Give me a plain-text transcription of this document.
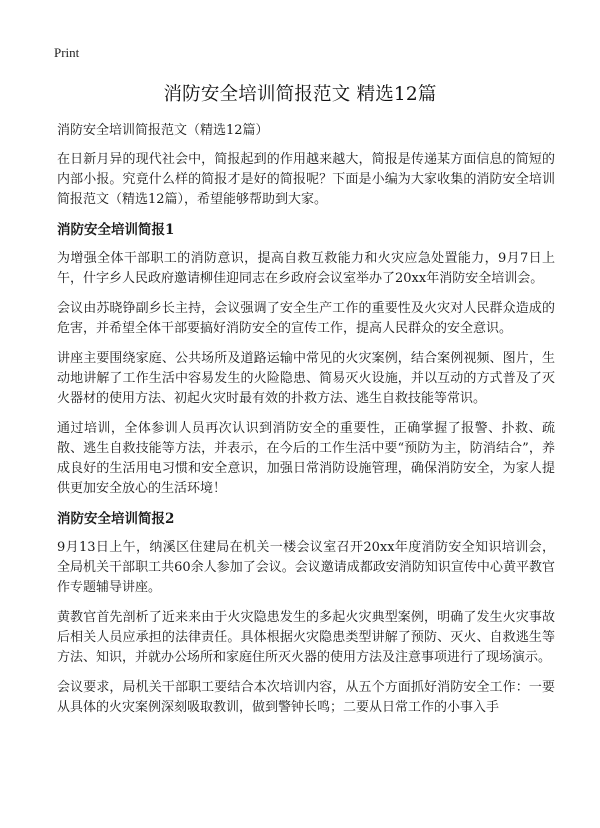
Print
消防安全培训简报范文 精选12篇
消防安全培训简报范文（精选12篇）

在日新月异的现代社会中，简报起到的作用越来越大，简报是传递某方面信息的简短的内部小报。究竟什么样的简报才是好的简报呢？下面是小编为大家收集的消防安全培训简报范文（精选12篇），希望能够帮助到大家。

消防安全培训简报1

为增强全体干部职工的消防意识，提高自救互救能力和火灾应急处置能力，9月7日上午，什字乡人民政府邀请柳佳迎同志在乡政府会议室举办了20xx年消防安全培训会。

会议由苏晓铮副乡长主持，会议强调了安全生产工作的重要性及火灾对人民群众造成的危害，并希望全体干部要搞好消防安全的宣传工作，提高人民群众的安全意识。

讲座主要围绕家庭、公共场所及道路运输中常见的火灾案例，结合案例视频、图片，生动地讲解了工作生活中容易发生的火险隐患、简易灭火设施，并以互动的方式普及了灭火器材的使用方法、初起火灾时最有效的扑救方法、逃生自救技能等常识。

通过培训，全体参训人员再次认识到消防安全的重要性，正确掌握了报警、扑救、疏散、逃生自救技能等方法，并表示，在今后的工作生活中要“预防为主，防消结合”，养成良好的生活用电习惯和安全意识，加强日常消防设施管理，确保消防安全，为家人提供更加安全放心的生活环境！

消防安全培训简报2

9月13日上午，纳溪区住建局在机关一楼会议室召开20xx年度消防安全知识培训会，全局机关干部职工共60余人参加了会议。会议邀请成都政安消防知识宣传中心黄平教官作专题辅导讲座。

黄教官首先剖析了近来来由于火灾隐患发生的多起火灾典型案例，明确了发生火灾事故后相关人员应承担的法律责任。具体根据火灾隐患类型讲解了预防、灭火、自救逃生等方法、知识，并就办公场所和家庭住所灭火器的使用方法及注意事项进行了现场演示。

会议要求，局机关干部职工要结合本次培训内容，从五个方面抓好消防安全工作：一要从具体的火灾案例深刻吸取教训，做到警钟长鸣；二要从日常工作的小事入手
